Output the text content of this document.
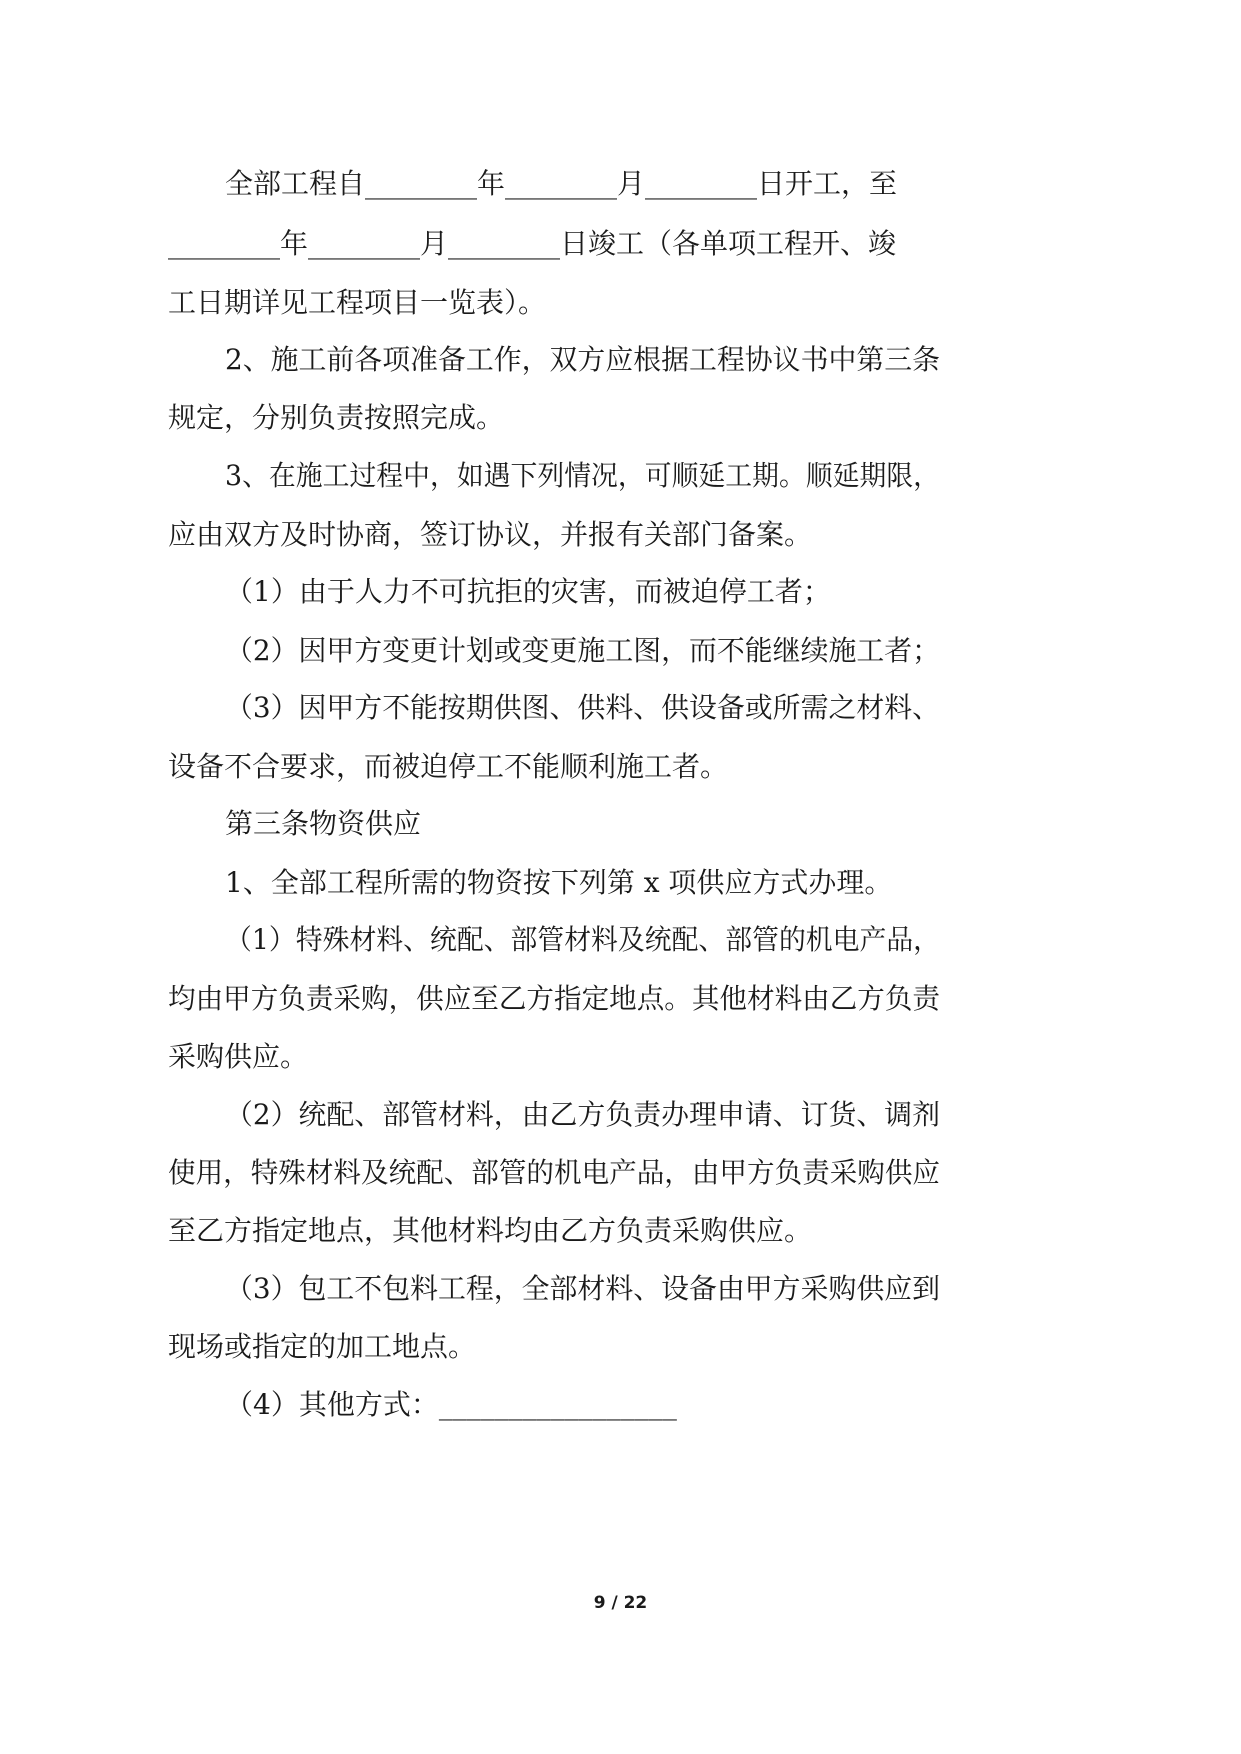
全部工程自________年________月________日开工，至
________年________月________日竣工（各单项工程开、竣
工日期详见工程项目一览表）。
2、施工前各项准备工作，双方应根据工程协议书中第三条
规定，分别负责按照完成。
3、在施工过程中，如遇下列情况，可顺延工期。顺延期限，
应由双方及时协商，签订协议，并报有关部门备案。
（1）由于人力不可抗拒的灾害，而被迫停工者；
（2）因甲方变更计划或变更施工图，而不能继续施工者；
（3）因甲方不能按期供图、供料、供设备或所需之材料、
设备不合要求，而被迫停工不能顺利施工者。
第三条物资供应
1、全部工程所需的物资按下列第 x 项供应方式办理。
（1）特殊材料、统配、部管材料及统配、部管的机电产品，
均由甲方负责采购，供应至乙方指定地点。其他材料由乙方负责
采购供应。
（2）统配、部管材料，由乙方负责办理申请、订货、调剂
使用，特殊材料及统配、部管的机电产品，由甲方负责采购供应
至乙方指定地点，其他材料均由乙方负责采购供应。
（3）包工不包料工程，全部材料、设备由甲方采购供应到
现场或指定的加工地点。
（4）其他方式：_________________
9 / 22
